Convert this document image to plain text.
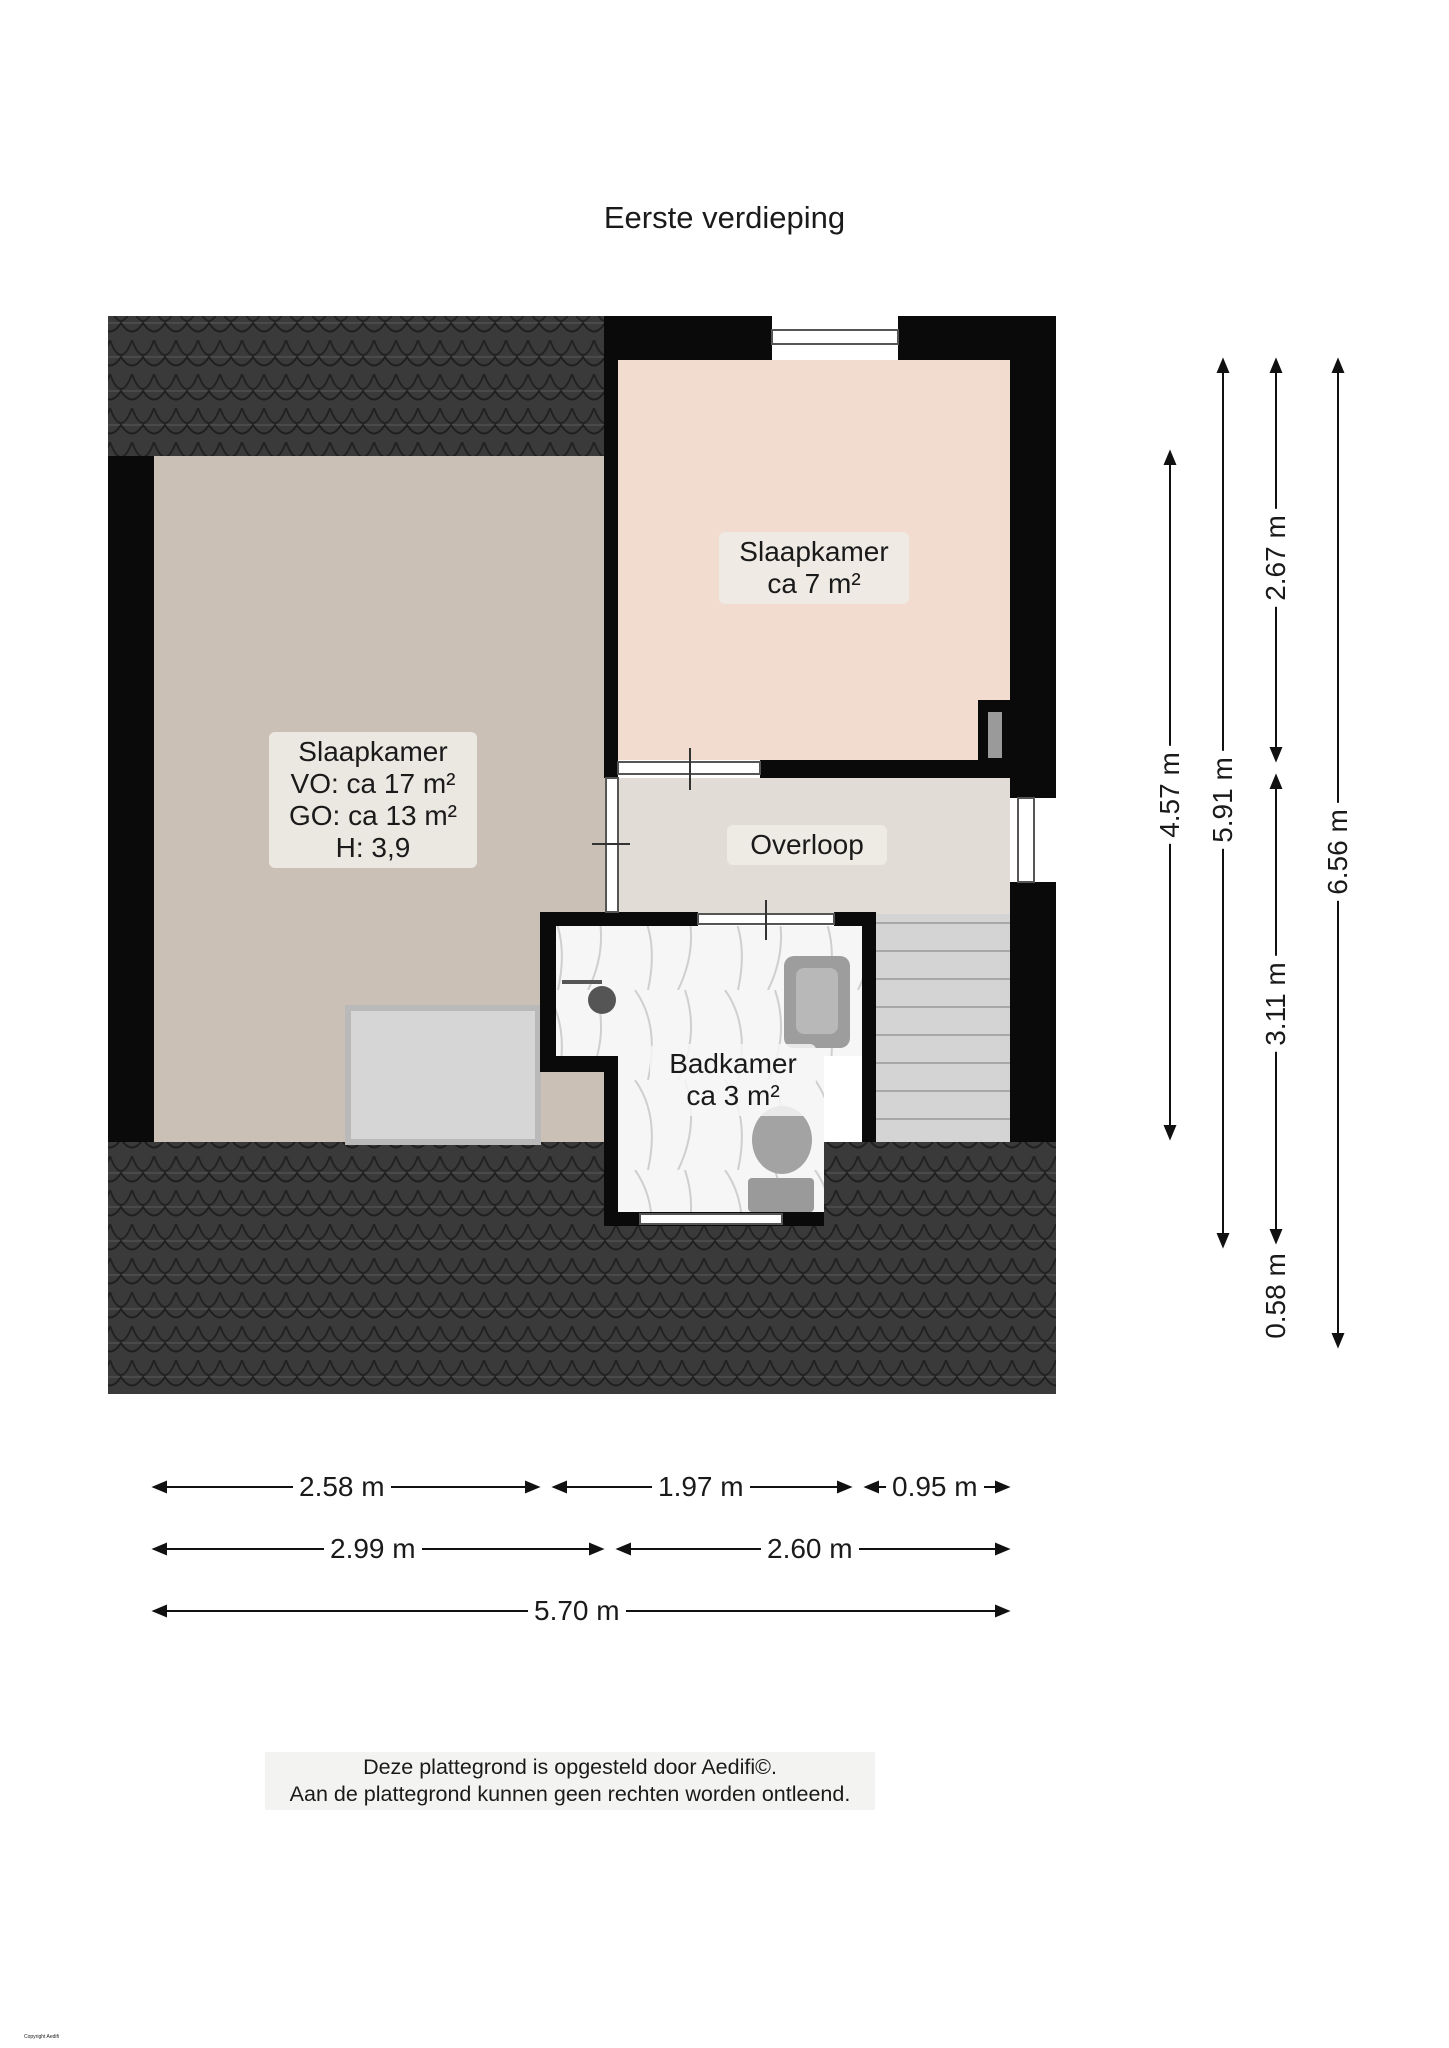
Eerste verdieping
Slaapkamer
VO: ca 17 m²
GO: ca 13 m²
H: 3,9
Slaapkamer
ca 7 m²
Overloop
Badkamer
ca 3 m²
2.58 m	1.97 m	0.95 m
2.99 m	2.60 m
5.70 m
4.57 m 5.91 m
2.67 m
3.11 m
0.58 m
6.56 m
Deze plattegrond is opgesteld door Aedifi©.
Aan de plattegrond kunnen geen rechten worden ontleend.
Copyright Aedifi
